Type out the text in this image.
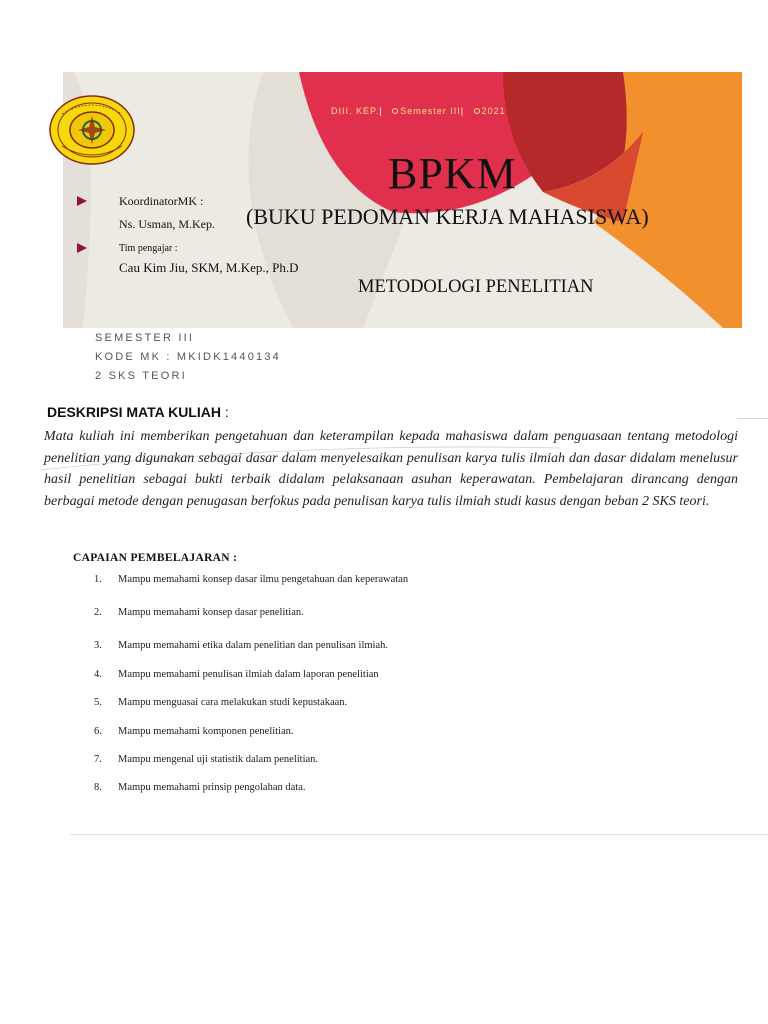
DIII. KEP.| Semester III| 2021
BPKM
(BUKU PEDOMAN KERJA MAHASISWA)
METODOLOGI PENELITIAN
KoordinatorMK :
Ns. Usman, M.Kep.
Tim pengajar :
Cau Kim Jiu, SKM, M.Kep., Ph.D
SEMESTER III
KODE MK : MKIDK1440134
2 SKS TEORI
DESKRIPSI MATA KULIAH :
Mata kuliah ini memberikan pengetahuan dan keterampilan kepada mahasiswa dalam penguasaan tentang metodologi penelitian yang digunakan sebagai dasar dalam menyelesaikan penulisan karya tulis ilmiah dan dasar didalam menelusur hasil penelitian sebagai bukti terbaik didalam pelaksanaan asuhan keperawatan. Pembelajaran dirancang dengan berbagai metode dengan penugasan berfokus pada penulisan karya tulis ilmiah studi kasus dengan beban 2 SKS teori.
CAPAIAN PEMBELAJARAN :
1. Mampu memahami konsep dasar ilmu pengetahuan dan keperawatan
2. Mampu memahami konsep dasar penelitian.
3. Mampu memahami etika dalam penelitian dan penulisan ilmiah.
4. Mampu memahami penulisan ilmiah dalam laporan penelitian
5. Mampu menguasai cara melakukan studi kepustakaan.
6. Mampu memahami komponen penelitian.
7. Mampu mengenal uji statistik dalam penelitian.
8. Mampu memahami prinsip pengolahan data.
